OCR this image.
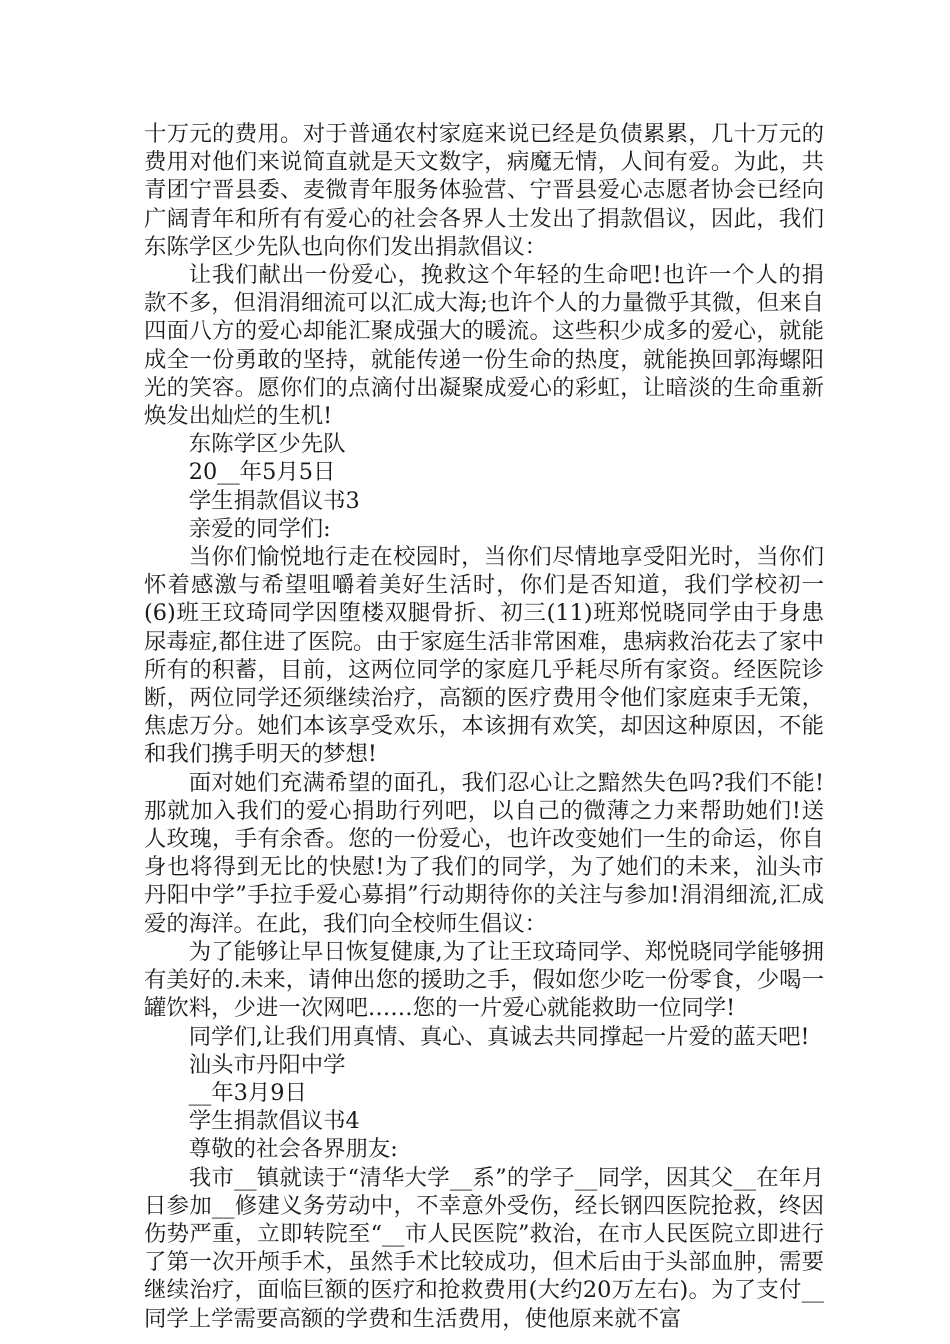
十万元的费用。对于普通农村家庭来说已经是负债累累，几十万元的费用对他们来说简直就是天文数字，病魔无情，人间有爱。为此，共青团宁晋县委、麦微青年服务体验营、宁晋县爱心志愿者协会已经向广阔青年和所有有爱心的社会各界人士发出了捐款倡议，因此，我们东陈学区少先队也向你们发出捐款倡议：

让我们献出一份爱心，挽救这个年轻的生命吧!也许一个人的捐款不多，但涓涓细流可以汇成大海;也许个人的力量微乎其微，但来自四面八方的爱心却能汇聚成强大的暖流。这些积少成多的爱心，就能成全一份勇敢的坚持，就能传递一份生命的热度，就能换回郭海螺阳光的笑容。愿你们的点滴付出凝聚成爱心的彩虹，让暗淡的生命重新焕发出灿烂的生机!

东陈学区少先队

20__年5月5日

学生捐款倡议书3

亲爱的同学们:

当你们愉悦地行走在校园时，当你们尽情地享受阳光时，当你们怀着感激与希望咀嚼着美好生活时，你们是否知道，我们学校初一(6)班王玟琦同学因堕楼双腿骨折、初三(11)班郑悦晓同学由于身患尿毒症,都住进了医院。由于家庭生活非常困难，患病救治花去了家中所有的积蓄，目前，这两位同学的家庭几乎耗尽所有家资。经医院诊断，两位同学还须继续治疗，高额的医疗费用令他们家庭束手无策，焦虑万分。她们本该享受欢乐，本该拥有欢笑，却因这种原因，不能和我们携手明天的梦想!

面对她们充满希望的面孔，我们忍心让之黯然失色吗?我们不能!那就加入我们的爱心捐助行列吧，以自己的微薄之力来帮助她们!送人玫瑰，手有余香。您的一份爱心，也许改变她们一生的命运，你自身也将得到无比的快慰!为了我们的同学，为了她们的未来，汕头市丹阳中学”手拉手爱心募捐”行动期待你的关注与参加!涓涓细流,汇成爱的海洋。在此，我们向全校师生倡议：

为了能够让早日恢复健康,为了让王玟琦同学、郑悦晓同学能够拥有美好的.未来，请伸出您的援助之手，假如您少吃一份零食，少喝一罐饮料，少进一次网吧……您的一片爱心就能救助一位同学!

同学们,让我们用真情、真心、真诚去共同撑起一片爱的蓝天吧!

汕头市丹阳中学

__年3月9日

学生捐款倡议书4

尊敬的社会各界朋友:

我市__镇就读于“清华大学__系”的学子__同学，因其父__在年月日参加__修建义务劳动中，不幸意外受伤，经长钢四医院抢救，终因伤势严重，立即转院至“__市人民医院”救治，在市人民医院立即进行了第一次开颅手术，虽然手术比较成功，但术后由于头部血肿，需要继续治疗，面临巨额的医疗和抢救费用(大约20万左右)。为了支付__同学上学需要高额的学费和生活费用，使他原来就不富
